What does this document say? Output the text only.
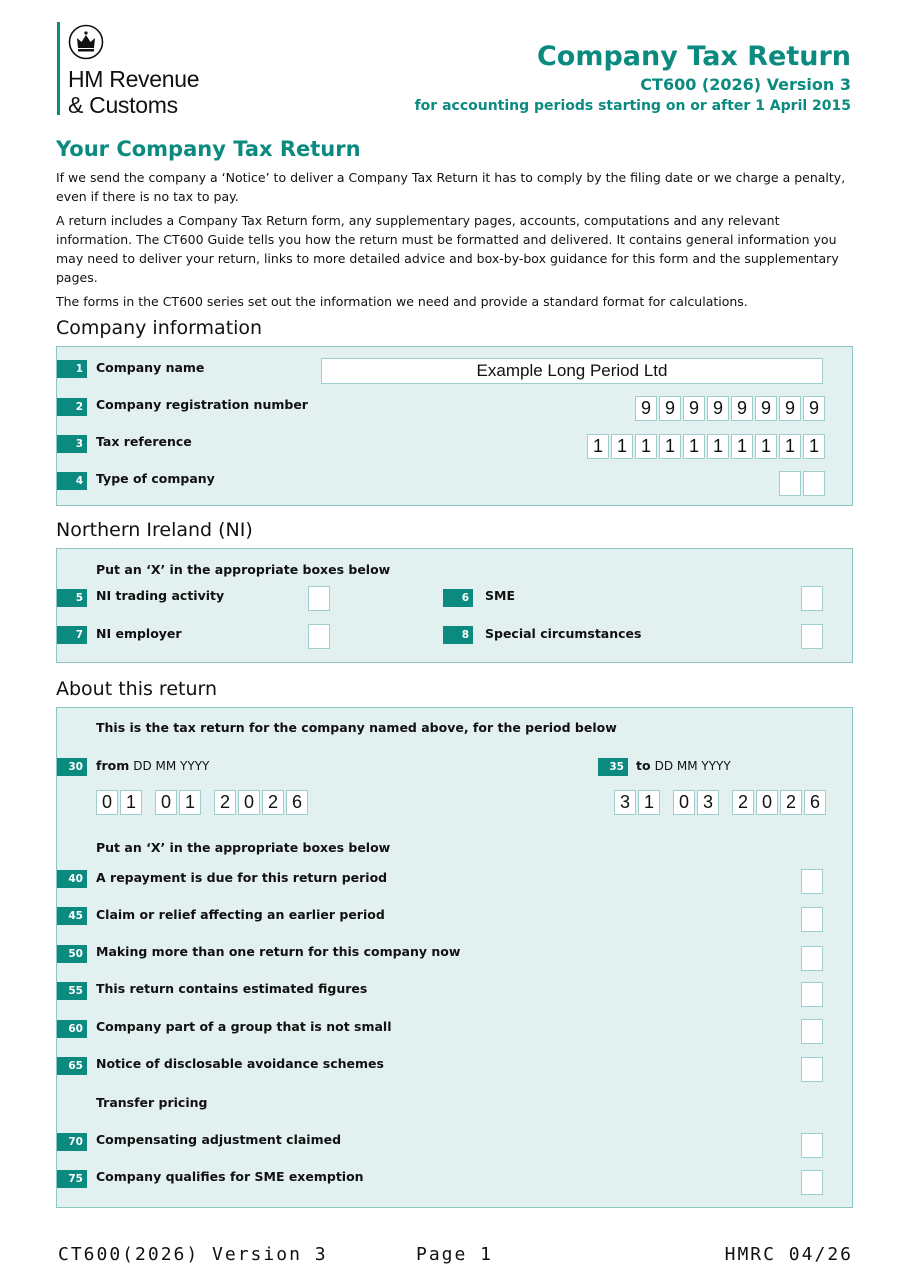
HM Revenue
& Customs
Company Tax Return
CT600 (2026) Version 3
for accounting periods starting on or after 1 April 2015
Your Company Tax Return

If we send the company a ‘Notice’ to deliver a Company Tax Return it has to comply by the filing date or we charge a penalty, even if there is no tax to pay.

A return includes a Company Tax Return form, any supplementary pages, accounts, computations and any relevant information. The CT600 Guide tells you how the return must be formatted and delivered. It contains general information you may need to deliver your return, links to more detailed advice and box-by-box guidance for this form and the supplementary pages.

The forms in the CT600 series set out the information we need and provide a standard format for calculations.

Company information
1	Company name	Example Long Period Ltd
2	Company registration number	9 9 9 9 9 9 9 9
3	Tax reference	1 1 1 1 1 1 1 1 1 1
4	Type of company
Northern Ireland (NI)
Put an ‘X’ in the appropriate boxes below
5	NI trading activity	6	SME
7	NI employer	8	Special circumstances
About this return
This is the tax return for the company named above, for the period below
30	from DD MM YYYY	35 to DD MM YYYY
0 1	0 1	2 0 2 6	3 1	0 3	2 0 2 6
Put an ‘X’ in the appropriate boxes below
40	A repayment is due for this return period
45	Claim or relief affecting an earlier period
50	Making more than one return for this company now
55	This return contains estimated figures
60	Company part of a group that is not small
65	Notice of disclosable avoidance schemes
Transfer pricing
70	Compensating adjustment claimed
75	Company qualifies for SME exemption
CT600(2026) Version 3	Page 1	HMRC 04/26
